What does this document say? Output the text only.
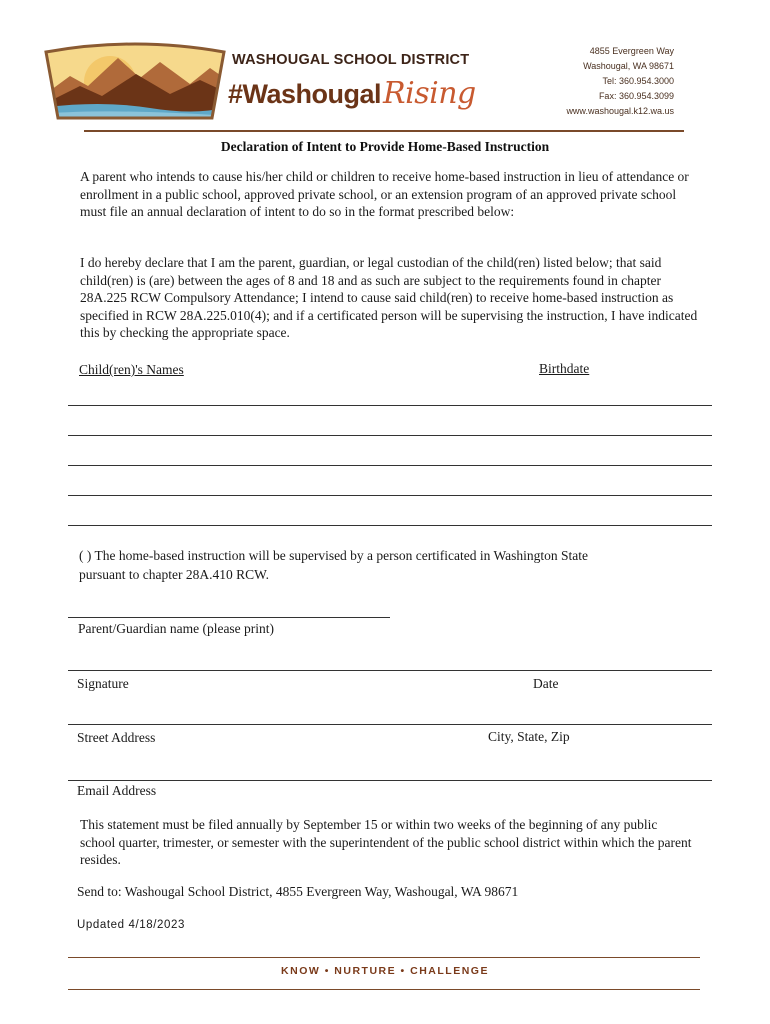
WASHOUGAL SCHOOL DISTRICT
#WashougalRising
4855 Evergreen Way
Washougal, WA 98671
Tel: 360.954.3000
Fax: 360.954.3099
www.washougal.k12.wa.us
Declaration of Intent to Provide Home-Based Instruction
A parent who intends to cause his/her child or children to receive home-based instruction in lieu of attendance or enrollment in a public school, approved private school, or an extension program of an approved private school must file an annual declaration of intent to do so in the format prescribed below:
I do hereby declare that I am the parent, guardian, or legal custodian of the child(ren) listed below; that said child(ren) is (are) between the ages of 8 and 18 and as such are subject to the requirements found in chapter 28A.225 RCW Compulsory Attendance; I intend to cause said child(ren) to receive home-based instruction as specified in RCW 28A.225.010(4); and if a certificated person will be supervising the instruction, I have indicated this by checking the appropriate space.
Child(ren)'s Names	Birthdate
( ) The home-based instruction will be supervised by a person certificated in Washington State
pursuant to chapter 28A.410 RCW.
Parent/Guardian name (please print)
Signature	Date
Street Address	City, State, Zip
Email Address
This statement must be filed annually by September 15 or within two weeks of the beginning of any public school quarter, trimester, or semester with the superintendent of the public school district within which the parent resides.
Send to: Washougal School District, 4855 Evergreen Way, Washougal, WA 98671
Updated 4/18/2023
KNOW • NURTURE • CHALLENGE
